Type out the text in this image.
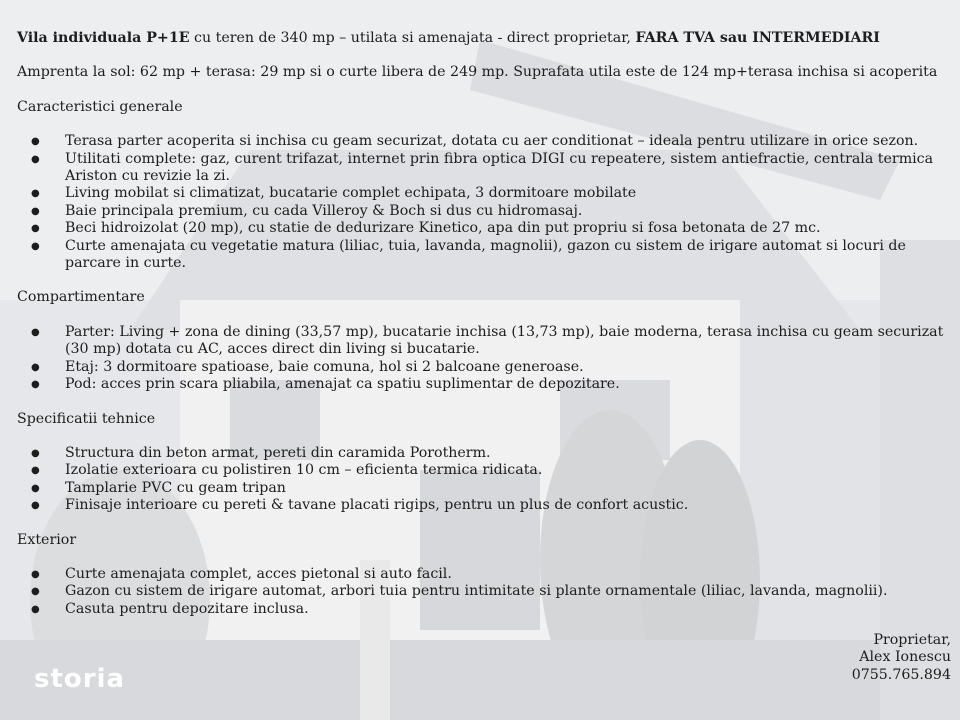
Vila individuala P+1E cu teren de 340 mp – utilata si amenajata - direct proprietar, FARA TVA sau INTERMEDIARI

Amprenta la sol: 62 mp + terasa: 29 mp si o curte libera de 249 mp. Suprafata utila este de 124 mp+terasa inchisa si acoperita

Caracteristici generale

● Terasa parter acoperita si inchisa cu geam securizat, dotata cu aer conditionat – ideala pentru utilizare in orice sezon.
● Utilitati complete: gaz, curent trifazat, internet prin fibra optica DIGI cu repeatere, sistem antiefractie, centrala termica Ariston cu revizie la zi.
● Living mobilat si climatizat, bucatarie complet echipata, 3 dormitoare mobilate
● Baie principala premium, cu cada Villeroy & Boch si dus cu hidromasaj.
● Beci hidroizolat (20 mp), cu statie de dedurizare Kinetico, apa din put propriu si fosa betonata de 27 mc.
● Curte amenajata cu vegetatie matura (liliac, tuia, lavanda, magnolii), gazon cu sistem de irigare automat si locuri de parcare in curte.

Compartimentare

● Parter: Living + zona de dining (33,57 mp), bucatarie inchisa (13,73 mp), baie moderna, terasa inchisa cu geam securizat (30 mp) dotata cu AC, acces direct din living si bucatarie.
● Etaj: 3 dormitoare spatioase, baie comuna, hol si 2 balcoane generoase.
● Pod: acces prin scara pliabila, amenajat ca spatiu suplimentar de depozitare.

Specificatii tehnice

● Structura din beton armat, pereti din caramida Porotherm.
● Izolatie exterioara cu polistiren 10 cm – eficienta termica ridicata.
● Tamplarie PVC cu geam tripan
● Finisaje interioare cu pereti & tavane placati rigips, pentru un plus de confort acustic.

Exterior

● Curte amenajata complet, acces pietonal si auto facil.
● Gazon cu sistem de irigare automat, arbori tuia pentru intimitate si plante ornamentale (liliac, lavanda, magnolii).
● Casuta pentru depozitare inclusa.
Proprietar,
Alex Ionescu
0755.765.894
storia
